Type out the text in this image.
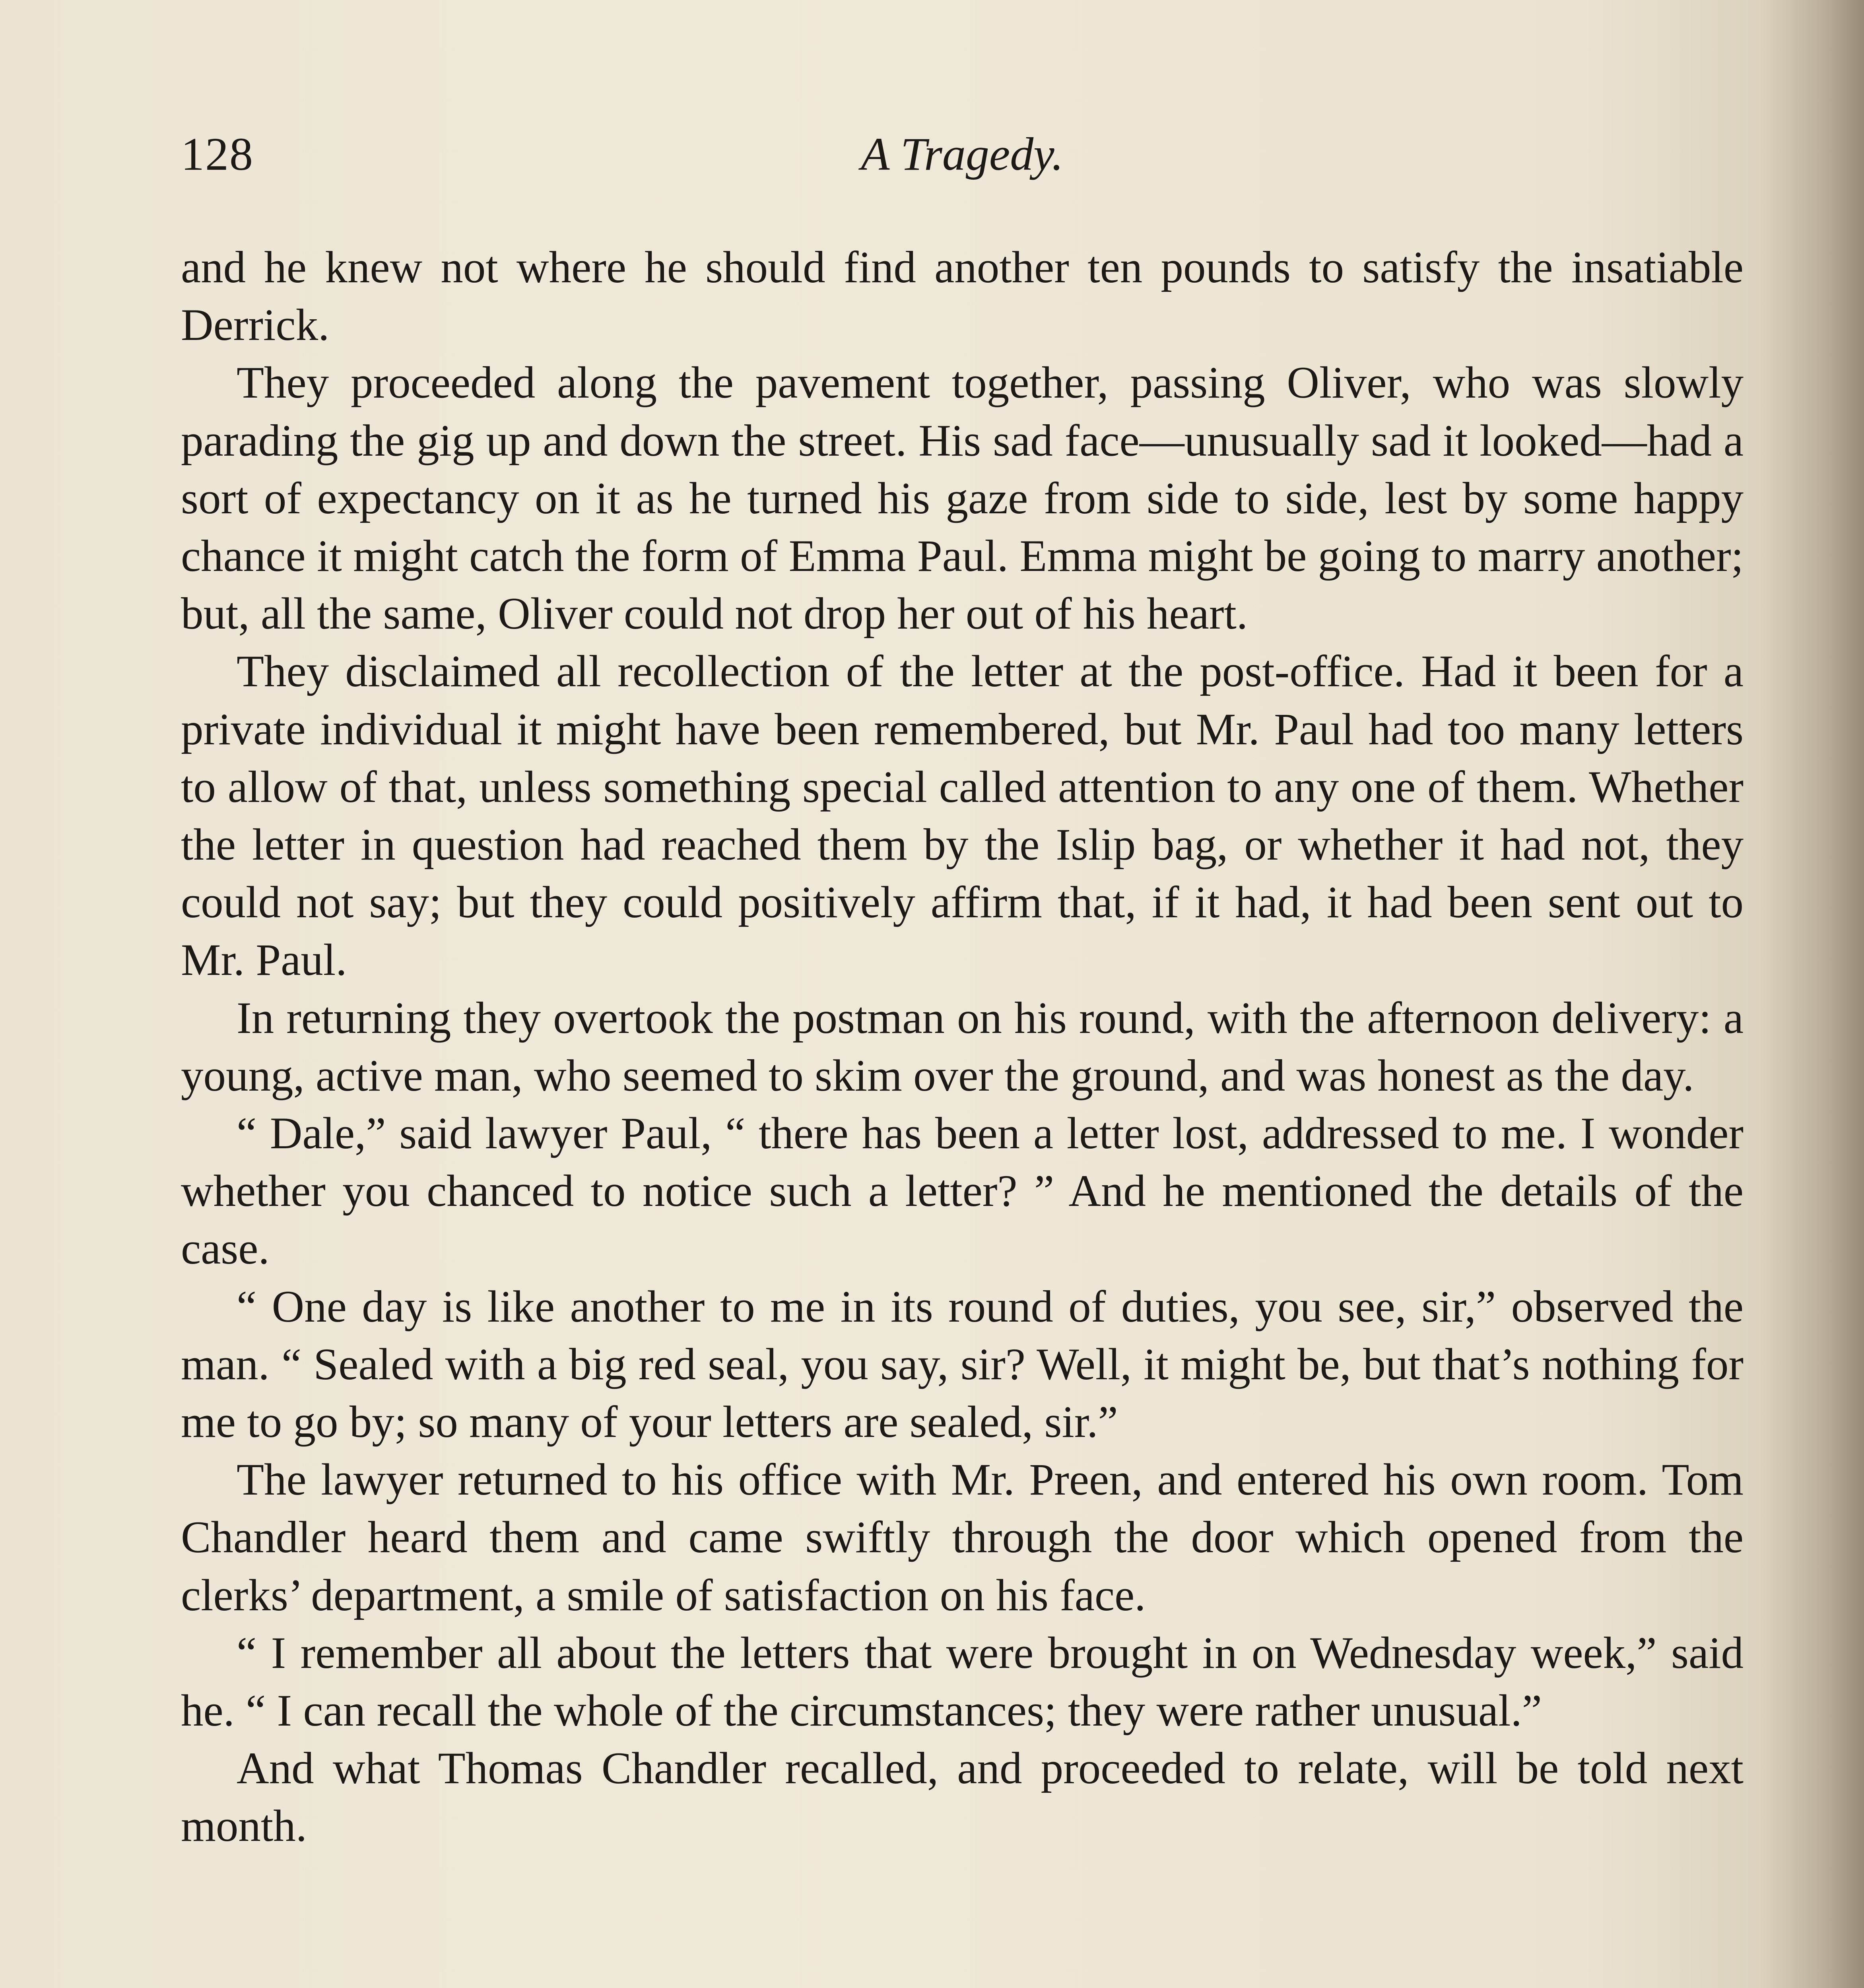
128	A Tragedy.

and he knew not where he should find another ten pounds to satisfy the insatiable Derrick.

They proceeded along the pavement together, passing Oliver, who was slowly parading the gig up and down the street. His sad face—unusually sad it looked—had a sort of expectancy on it as he turned his gaze from side to side, lest by some happy chance it might catch the form of Emma Paul. Emma might be going to marry another; but, all the same, Oliver could not drop her out of his heart.

They disclaimed all recollection of the letter at the post-office. Had it been for a private individual it might have been remembered, but Mr. Paul had too many letters to allow of that, unless something special called attention to any one of them. Whether the letter in question had reached them by the Islip bag, or whether it had not, they could not say; but they could positively affirm that, if it had, it had been sent out to Mr. Paul.

In returning they overtook the postman on his round, with the afternoon delivery: a young, active man, who seemed to skim over the ground, and was honest as the day.

“ Dale,” said lawyer Paul, “ there has been a letter lost, addressed to me. I wonder whether you chanced to notice such a letter? ” And he mentioned the details of the case.

“ One day is like another to me in its round of duties, you see, sir,” observed the man. “ Sealed with a big red seal, you say, sir? Well, it might be, but that’s nothing for me to go by; so many of your letters are sealed, sir.”

The lawyer returned to his office with Mr. Preen, and entered his own room. Tom Chandler heard them and came swiftly through the door which opened from the clerks’ department, a smile of satisfaction on his face.

“ I remember all about the letters that were brought in on Wednesday week,” said he. “ I can recall the whole of the circumstances; they were rather unusual.”

And what Thomas Chandler recalled, and proceeded to relate, will be told next month.
